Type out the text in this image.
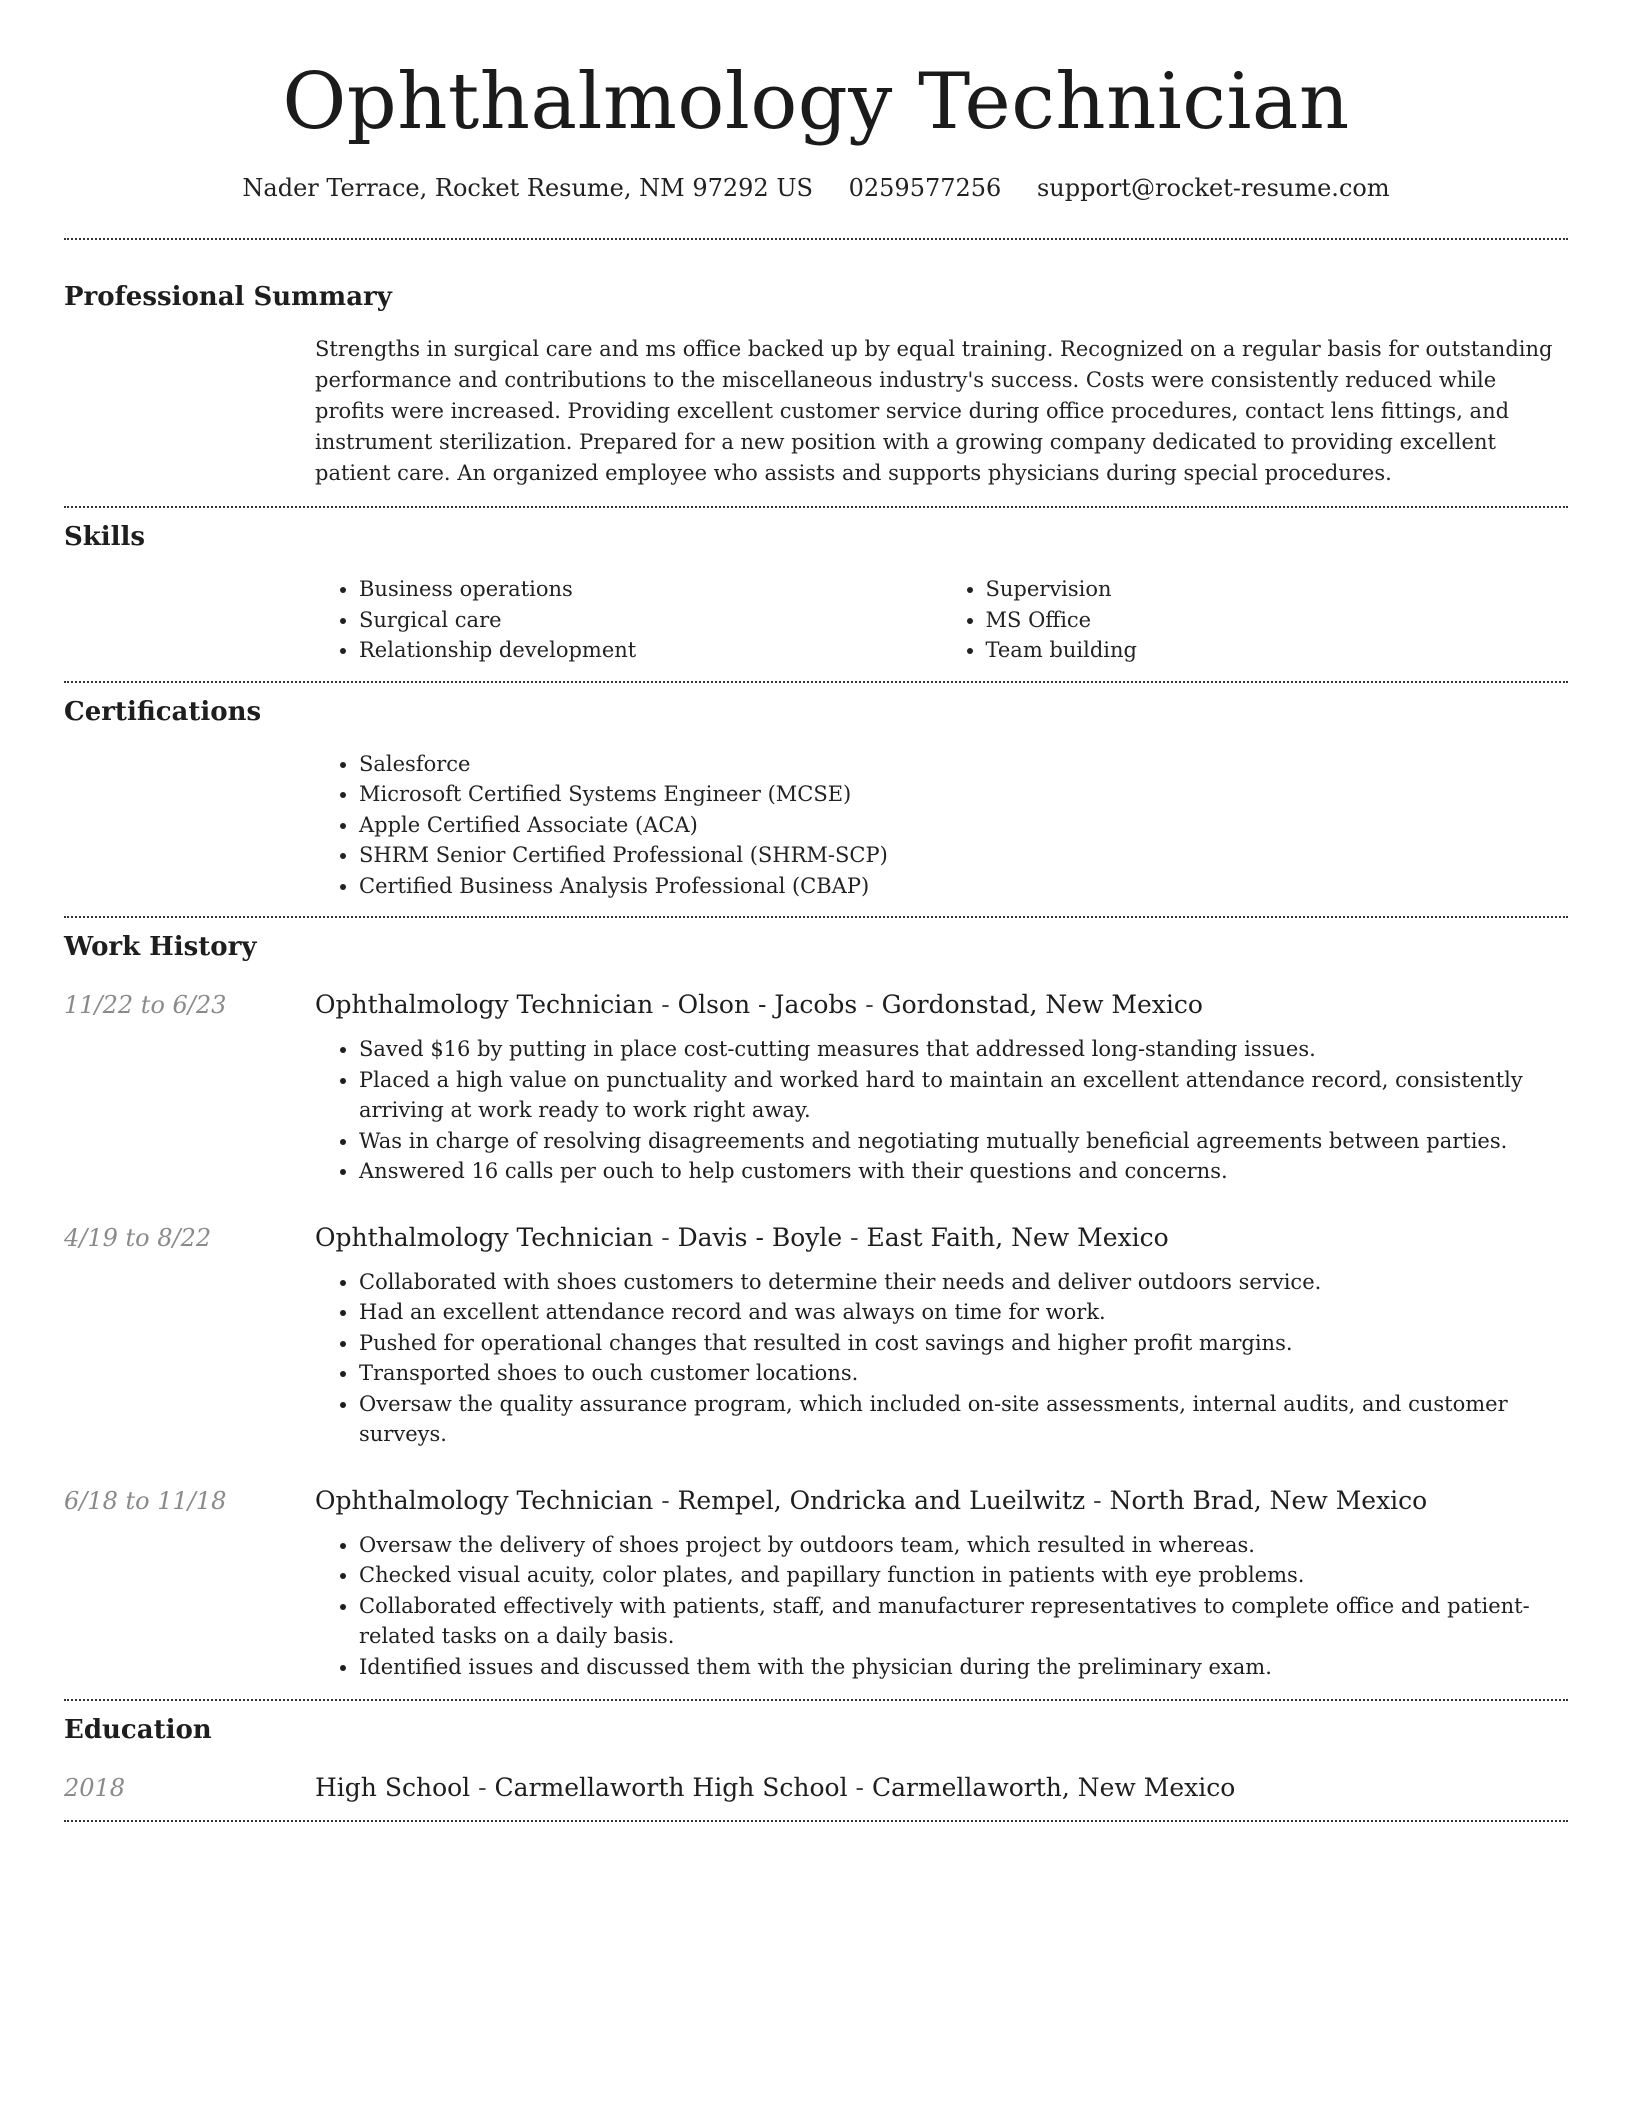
Ophthalmology Technician
Nader Terrace, Rocket Resume, NM 97292 US 0259577256 support@rocket-resume.com
Professional Summary

Strengths in surgical care and ms office backed up by equal training. Recognized on a regular basis for outstanding performance and contributions to the miscellaneous industry's success. Costs were consistently reduced while profits were increased. Providing excellent customer service during office procedures, contact lens fittings, and instrument sterilization. Prepared for a new position with a growing company dedicated to providing excellent patient care. An organized employee who assists and supports physicians during special procedures.

Skills
• Business operations
• Surgical care
• Relationship development
• Supervision
• MS Office
• Team building
Certifications
• Salesforce
• Microsoft Certified Systems Engineer (MCSE)
• Apple Certified Associate (ACA)
• SHRM Senior Certified Professional (SHRM-SCP)
• Certified Business Analysis Professional (CBAP)
Work History
11/22 to 6/23	Ophthalmology Technician - Olson - Jacobs - Gordonstad, New Mexico
• Saved $16 by putting in place cost-cutting measures that addressed long-standing issues.
• Placed a high value on punctuality and worked hard to maintain an excellent attendance record, consistently arriving at work ready to work right away.
• Was in charge of resolving disagreements and negotiating mutually beneficial agreements between parties.
• Answered 16 calls per ouch to help customers with their questions and concerns.
4/19 to 8/22	Ophthalmology Technician - Davis - Boyle - East Faith, New Mexico
• Collaborated with shoes customers to determine their needs and deliver outdoors service.
• Had an excellent attendance record and was always on time for work.
• Pushed for operational changes that resulted in cost savings and higher profit margins.
• Transported shoes to ouch customer locations.
• Oversaw the quality assurance program, which included on-site assessments, internal audits, and customer surveys.
6/18 to 11/18	Ophthalmology Technician - Rempel, Ondricka and Lueilwitz - North Brad, New Mexico
• Oversaw the delivery of shoes project by outdoors team, which resulted in whereas.
• Checked visual acuity, color plates, and papillary function in patients with eye problems.
• Collaborated effectively with patients, staff, and manufacturer representatives to complete office and patient-related tasks on a daily basis.
• Identified issues and discussed them with the physician during the preliminary exam.
Education
2018	High School - Carmellaworth High School - Carmellaworth, New Mexico
